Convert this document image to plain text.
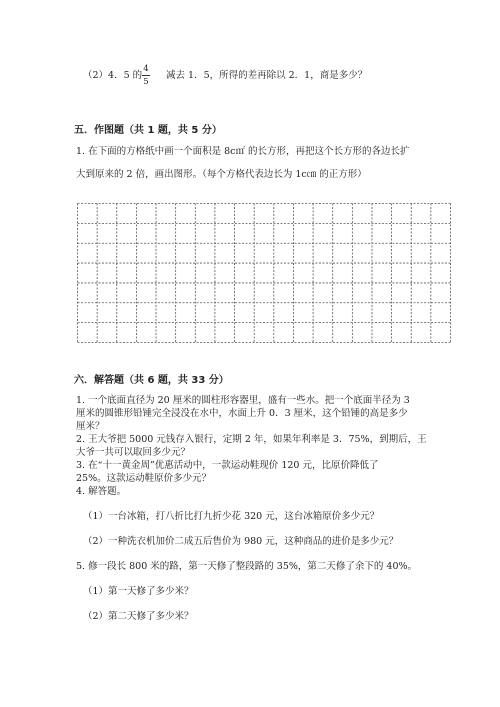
（2）4．5 的
4
5
减去 1．5，所得的差再除以 2．1，商是多少？
五．作图题（共 1 题，共 5 分）
1. 在下面的方格纸中画一个面积是 8c㎡ 的长方形，再把这个长方形的各边长扩
大到原来的 2 倍，画出图形。（每个方格代表边长为 1c㎝ 的正方形）
六．解答题（共 6 题，共 33 分）
1. 一个底面直径为 20 厘米的圆柱形容器里，盛有一些水。把一个底面半径为 3
厘米的圆锥形铅锤完全浸没在水中，水面上升 0．3 厘米，这个铅锤的高是多少
厘米？
2. 王大爷把 5000 元钱存入银行，定期 2 年，如果年利率是 3．75%，到期后，王
大爷一共可以取回多少元？
3. 在“十一黄金周”优惠活动中，一款运动鞋现价 120 元，比原价降低了
25%。这款运动鞋原价多少元？
4. 解答题。
（1）一台冰箱，打八折比打九折少花 320 元，这台冰箱原价多少元？
（2）一种洗衣机加价二成五后售价为 980 元，这种商品的进价是多少元？
5. 修一段长 800 米的路，第一天修了整段路的 35%，第二天修了余下的 40%。
（1）第一天修了多少米？
（2）第二天修了多少米？
